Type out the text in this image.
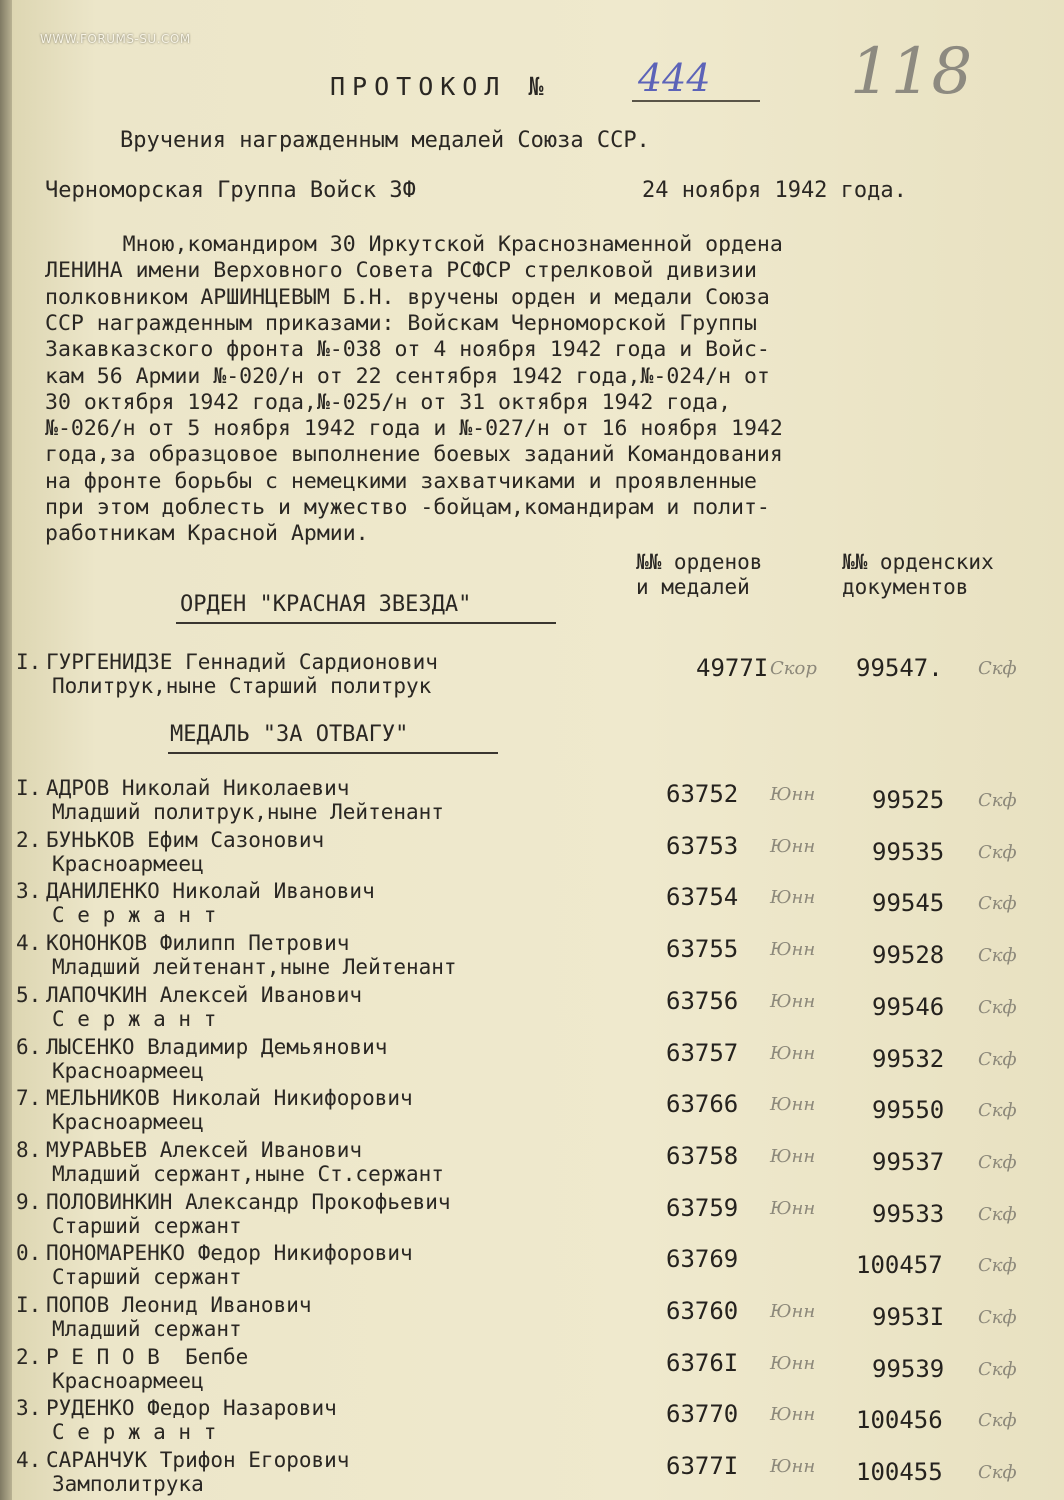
WWW.FORUMS-SU.COM
ПРОТОКОЛ № 444 118
Вручения награжденным медалей Союза ССР.
Черноморская Группа Войск ЗФ	24 ноября 1942 года.
Мною,командиром 30 Иркутской Краснознаменной ордена
ЛЕНИНА имени Верховного Совета РСФСР стрелковой дивизии
полковником АРШИНЦЕВЫМ Б.Н. вручены орден и медали Союза
ССР награжденным приказами: Войскам Черноморской Группы
Закавказского фронта №-038 от 4 ноября 1942 года и Войс-
кам 56 Армии №-020/н от 22 сентября 1942 года,№-024/н от
30 октября 1942 года,№-025/н от 31 октября 1942 года,
№-026/н от 5 ноября 1942 года и №-027/н от 16 ноября 1942
года,за образцовое выполнение боевых заданий Командования
на фронте борьбы с немецкими захватчиками и проявленные
при этом доблесть и мужество -бойцам,командирам и полит-
работникам Красной Армии.
№№ орденов
и медалей
№№ орденских
документов
ОРДЕН "КРАСНАЯ ЗВЕЗДА"
I. ГУРГЕНИДЗЕ Геннадий Сардионович
Политрук,ныне Старший политрук
4977I Скор 99547. Скф
МЕДАЛЬ "ЗА ОТВАГУ"
I. АДРОВ Николай Николаевич
Младший политрук,ныне Лейтенант
63752 Юнн 99525 Скф
2. БУНЬКОВ Ефим Сазонович
Красноармеец
63753 Юнн 99535 Скф
3. ДАНИЛЕНКО Николай Иванович
С е р ж а н т
63754 Юнн 99545 Скф
4. КОНОНКОВ Филипп Петрович
Младший лейтенант,ныне Лейтенант
63755 Юнн 99528 Скф
5. ЛАПОЧКИН Алексей Иванович
С е р ж а н т
63756 Юнн 99546 Скф
6. ЛЫСЕНКО Владимир Демьянович
Красноармеец
63757 Юнн 99532 Скф
7. МЕЛЬНИКОВ Николай Никифорович
Красноармеец
63766 Юнн 99550 Скф
8. МУРАВЬЕВ Алексей Иванович
Младший сержант,ныне Ст.сержант
63758 Юнн 99537 Скф
9. ПОЛОВИНКИН Александр Прокофьевич
Старший сержант
63759 Юнн 99533 Скф
0. ПОНОМАРЕНКО Федор Никифорович
Старший сержант
63769	100457 Скф
I. ПОПОВ Леонид Иванович
Младший сержант
63760 Юнн 9953I Скф
2. Р Е П О В  Бепбе
Красноармеец
6376I Юнн 99539 Скф
3. РУДЕНКО Федор Назарович
С е р ж а н т
63770 Юнн 100456 Скф
4. САРАНЧУК Трифон Егорович
Замполитрука
6377I Юнн 100455 Скф
